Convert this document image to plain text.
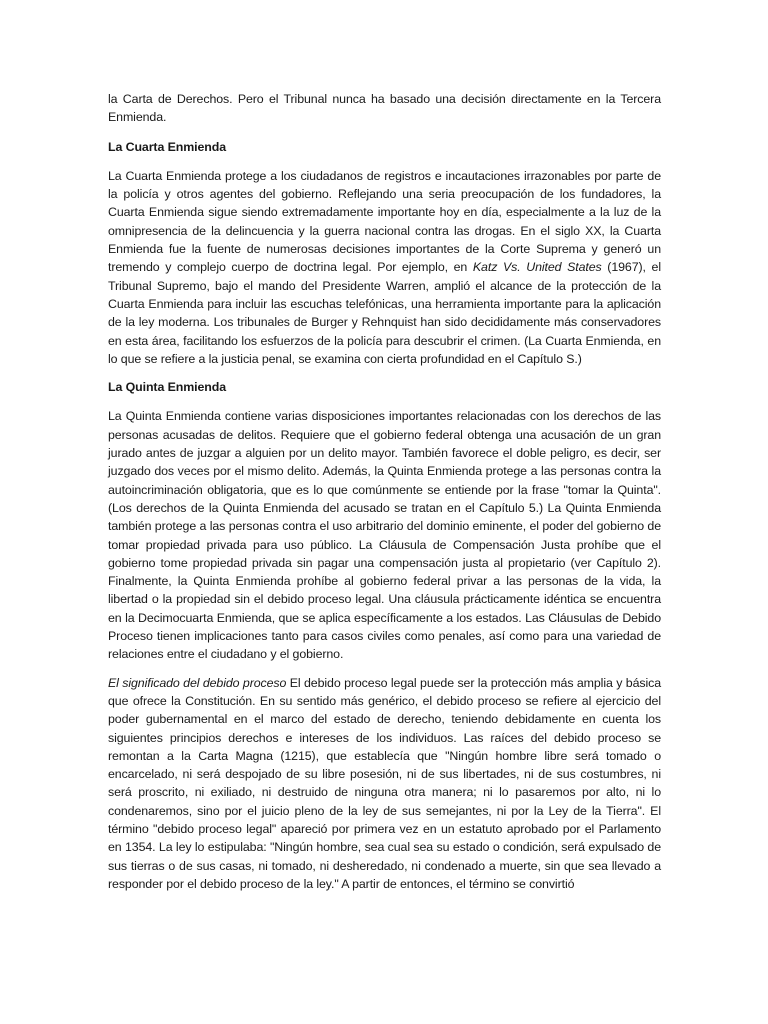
la Carta de Derechos. Pero el Tribunal nunca ha basado una decisión directamente en la Tercera Enmienda.

La Cuarta Enmienda

La Cuarta Enmienda protege a los ciudadanos de registros e incautaciones irrazonables por parte de la policía y otros agentes del gobierno. Reflejando una seria preocupación de los fundadores, la Cuarta Enmienda sigue siendo extremadamente importante hoy en día, especialmente a la luz de la omnipresencia de la delincuencia y la guerra nacional contra las drogas. En el siglo XX, la Cuarta Enmienda fue la fuente de numerosas decisiones importantes de la Corte Suprema y generó un tremendo y complejo cuerpo de doctrina legal. Por ejemplo, en Katz Vs. United States (1967), el Tribunal Supremo, bajo el mando del Presidente Warren, amplió el alcance de la protección de la Cuarta Enmienda para incluir las escuchas telefónicas, una herramienta importante para la aplicación de la ley moderna. Los tribunales de Burger y Rehnquist han sido decididamente más conservadores en esta área, facilitando los esfuerzos de la policía para descubrir el crimen. (La Cuarta Enmienda, en lo que se refiere a la justicia penal, se examina con cierta profundidad en el Capítulo S.)

La Quinta Enmienda

La Quinta Enmienda contiene varias disposiciones importantes relacionadas con los derechos de las personas acusadas de delitos. Requiere que el gobierno federal obtenga una acusación de un gran jurado antes de juzgar a alguien por un delito mayor. También favorece el doble peligro, es decir, ser juzgado dos veces por el mismo delito. Además, la Quinta Enmienda protege a las personas contra la autoincriminación obligatoria, que es lo que comúnmente se entiende por la frase "tomar la Quinta". (Los derechos de la Quinta Enmienda del acusado se tratan en el Capítulo 5.) La Quinta Enmienda también protege a las personas contra el uso arbitrario del dominio eminente, el poder del gobierno de tomar propiedad privada para uso público. La Cláusula de Compensación Justa prohíbe que el gobierno tome propiedad privada sin pagar una compensación justa al propietario (ver Capítulo 2). Finalmente, la Quinta Enmienda prohíbe al gobierno federal privar a las personas de la vida, la libertad o la propiedad sin el debido proceso legal. Una cláusula prácticamente idéntica se encuentra en la Decimocuarta Enmienda, que se aplica específicamente a los estados. Las Cláusulas de Debido Proceso tienen implicaciones tanto para casos civiles como penales, así como para una variedad de relaciones entre el ciudadano y el gobierno.

El significado del debido proceso El debido proceso legal puede ser la protección más amplia y básica que ofrece la Constitución. En su sentido más genérico, el debido proceso se refiere al ejercicio del poder gubernamental en el marco del estado de derecho, teniendo debidamente en cuenta los siguientes principios derechos e intereses de los individuos. Las raíces del debido proceso se remontan a la Carta Magna (1215), que establecía que "Ningún hombre libre será tomado o encarcelado, ni será despojado de su libre posesión, ni de sus libertades, ni de sus costumbres, ni será proscrito, ni exiliado, ni destruido de ninguna otra manera; ni lo pasaremos por alto, ni lo condenaremos, sino por el juicio pleno de la ley de sus semejantes, ni por la Ley de la Tierra". El término "debido proceso legal" apareció por primera vez en un estatuto aprobado por el Parlamento en 1354. La ley lo estipulaba: "Ningún hombre, sea cual sea su estado o condición, será expulsado de sus tierras o de sus casas, ni tomado, ni desheredado, ni condenado a muerte, sin que sea llevado a responder por el debido proceso de la ley." A partir de entonces, el término se convirtió
